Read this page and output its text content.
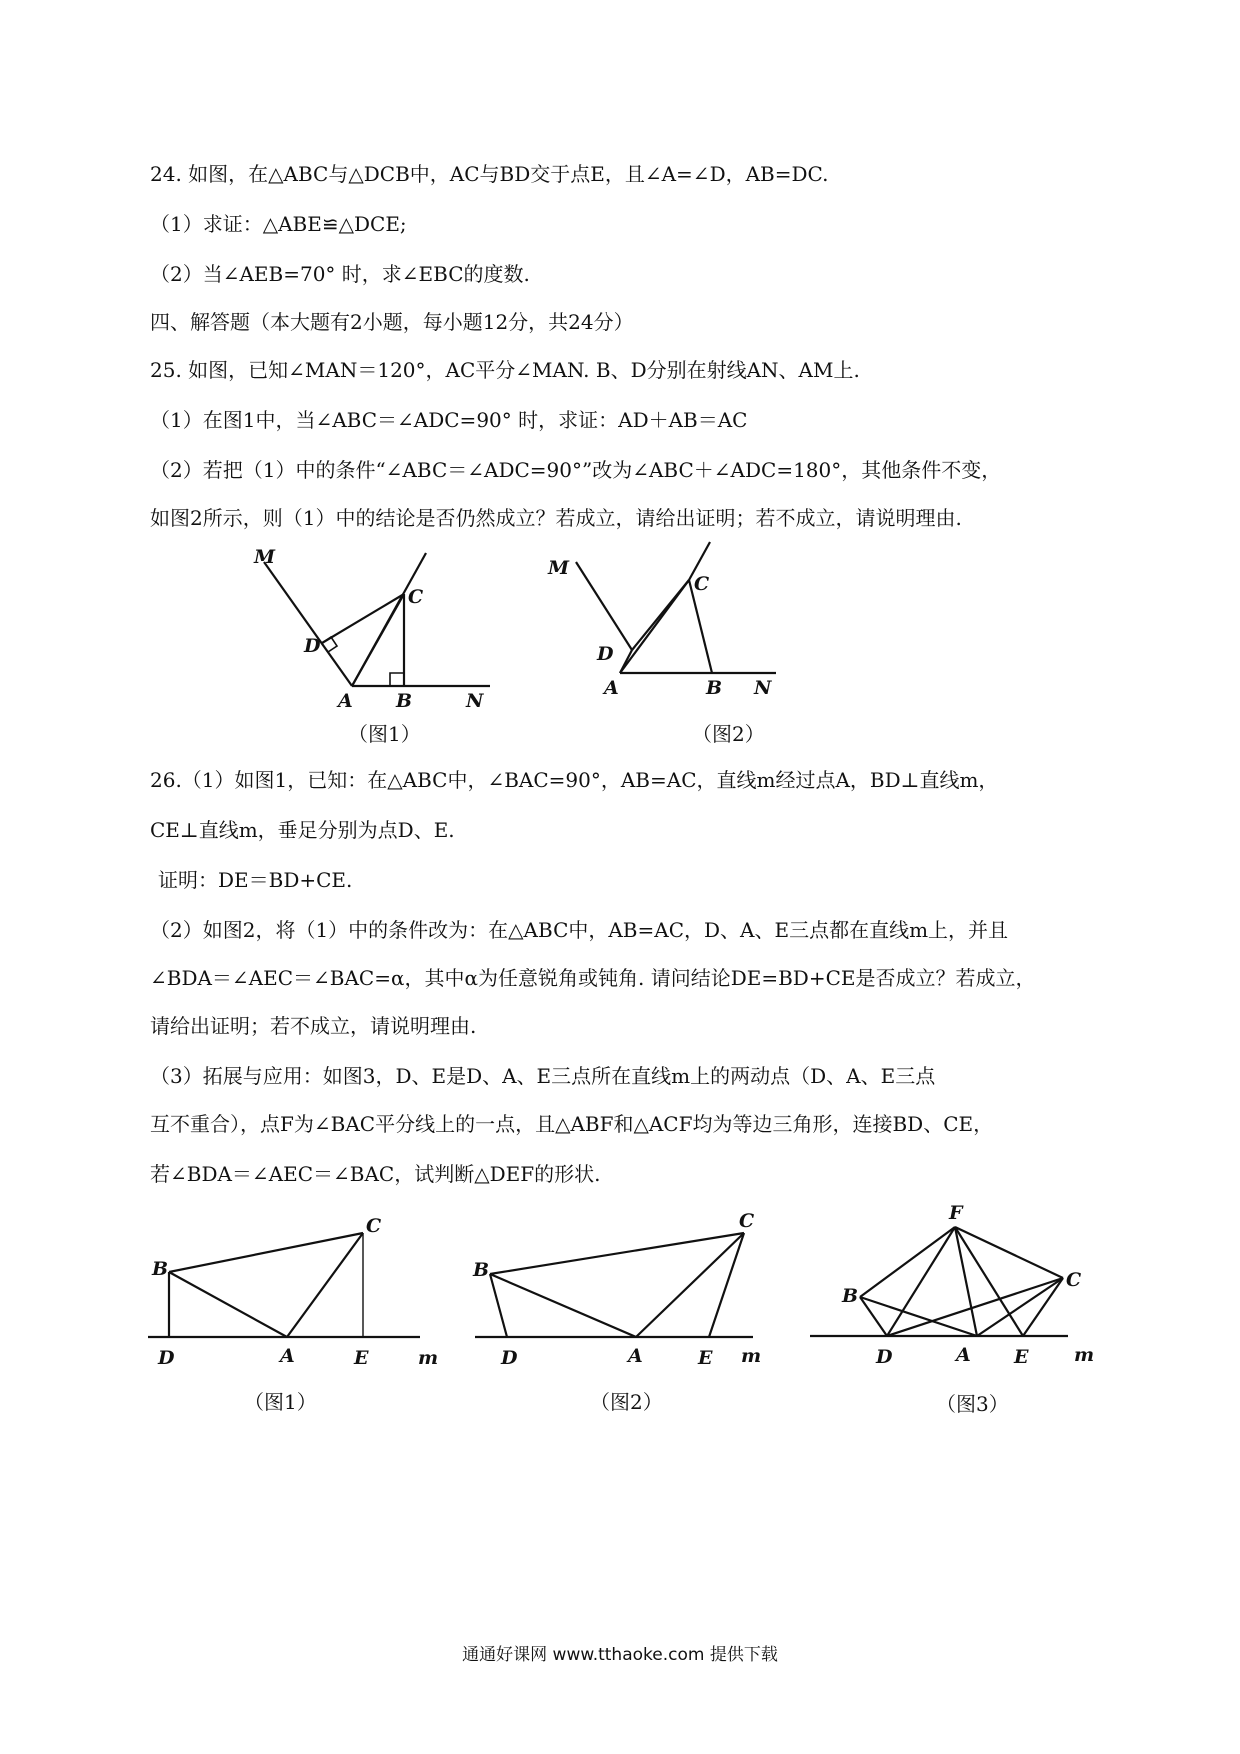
24. 如图，在△ABC与△DCB中，AC与BD交于点E，且∠A=∠D，AB=DC.
（1）求证：△ABE≌△DCE;
（2）当∠AEB=70° 时，求∠EBC的度数.
四、解答题（本大题有2小题，每小题12分，共24分）
25. 如图，已知∠MAN＝120°，AC平分∠MAN. B、D分别在射线AN、AM上.
（1）在图1中，当∠ABC＝∠ADC=90° 时，求证：AD＋AB＝AC
（2）若把（1）中的条件“∠ABC＝∠ADC=90°”改为∠ABC＋∠ADC=180°，其他条件不变，
如图2所示，则（1）中的结论是否仍然成立？若成立，请给出证明；若不成立，请说明理由.
M
D
C
A B	N
（图1）
M
D
C
A	B N
（图2）
26.（1）如图1，已知：在△ABC中，∠BAC=90°，AB=AC，直线m经过点A，BD⊥直线m，
CE⊥直线m，垂足分别为点D、E.
证明：DE＝BD+CE.
（2）如图2，将（1）中的条件改为：在△ABC中，AB=AC，D、A、E三点都在直线m上，并且
∠BDA＝∠AEC＝∠BAC=α，其中α为任意锐角或钝角. 请问结论DE=BD+CE是否成立？若成立，
请给出证明；若不成立，请说明理由.
（3）拓展与应用：如图3，D、E是D、A、E三点所在直线m上的两动点（D、A、E三点
互不重合），点F为∠BAC平分线上的一点，且△ABF和△ACF均为等边三角形，连接BD、CE，
若∠BDA＝∠AEC＝∠BAC，试判断△DEF的形状.
B
C
D	A	E	m
（图1）
B
C
D	A	E m
（图2）
F
B
C
D	A E m
（图3）
通通好课网 www.tthaoke.com 提供下载
